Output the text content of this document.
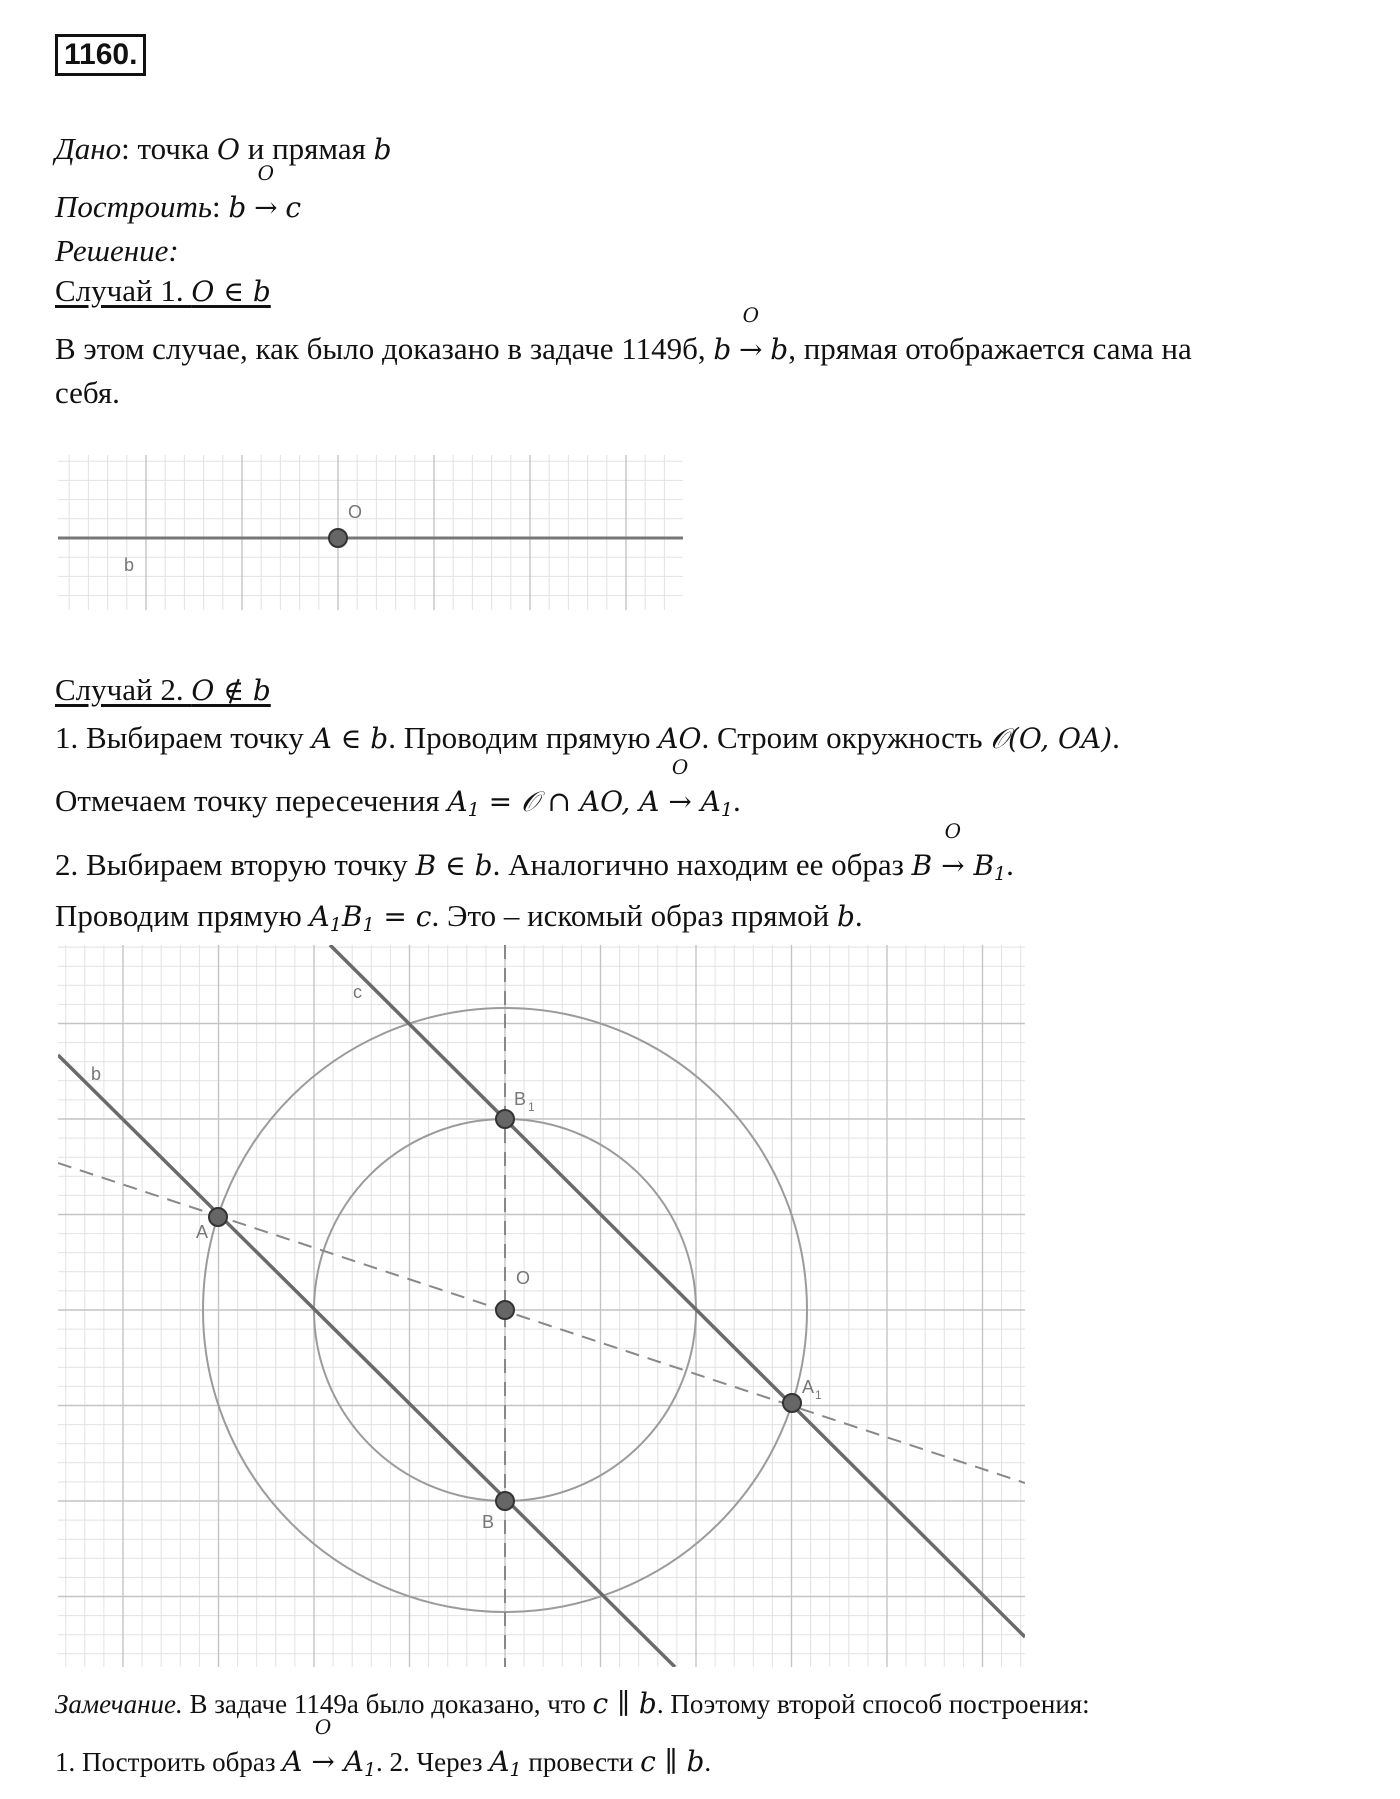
1160.
Дано: точка O и прямая b
Построить: b
O
→ c
Решение:
Случай 1. O ∈ b
В этом случае, как было доказано в задаче 1149б, b
O
→ b, прямая отображается сама на
себя.
O
b
Случай 2. O ∉ b
1. Выбираем точку A ∈ b. Проводим прямую AO. Строим окружность 𝒪(O, OA).
Отмечаем точку пересечения $A_1$ = 𝒪 ∩ AO, A
O
→ $A_1$.
2. Выбираем вторую точку B ∈ b. Аналогично находим ее образ B
O
→ $B_1$.
Проводим прямую $A_1B_1 = c$. Это – искомый образ прямой b.
c
b
B 1
A
O
A 1
B
Замечание. В задаче 1149а было доказано, что c ∥ b. Поэтому второй способ построения:
1. Построить образ A
O
→ $A_1$. 2. Через $A_1$ провести c ∥ b.
